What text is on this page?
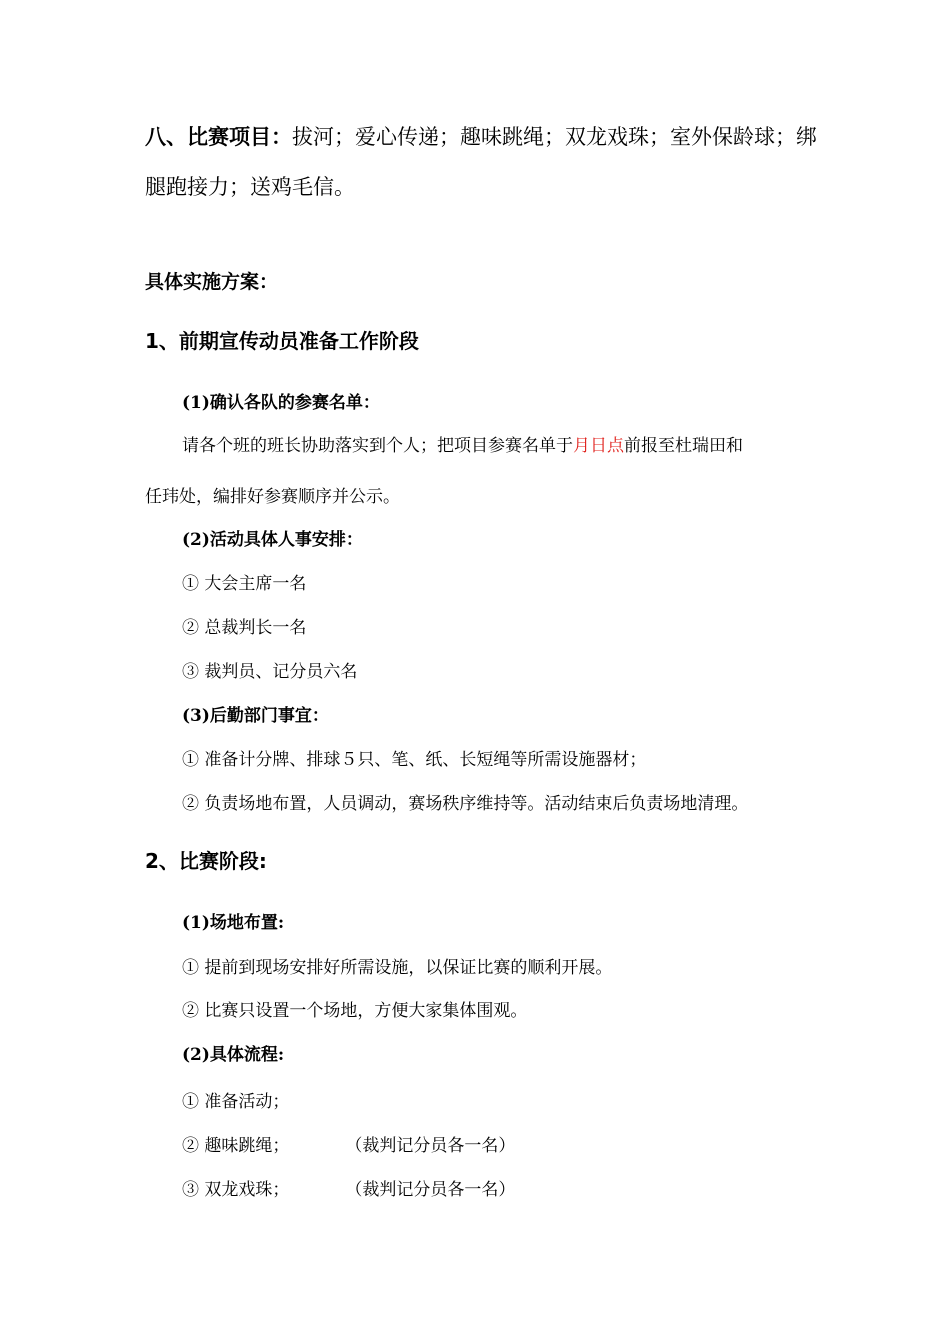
八、比赛项目：拔河；爱心传递；趣味跳绳；双龙戏珠；室外保龄球；绑
腿跑接力；送鸡毛信。
具体实施方案：
1、前期宣传动员准备工作阶段
(1)确认各队的参赛名单：
请各个班的班长协助落实到个人；把项目参赛名单于月日点前报至杜瑞田和
任玮处，编排好参赛顺序并公示。
(2)活动具体人事安排：
① 大会主席一名
② 总裁判长一名
③ 裁判员、记分员六名
(3)后勤部门事宜：
① 准备计分牌、排球５只、笔、纸、长短绳等所需设施器材；
② 负责场地布置，人员调动，赛场秩序维持等。活动结束后负责场地清理。
2、比赛阶段:
(1)场地布置:
① 提前到现场安排好所需设施，以保证比赛的顺利开展。
② 比赛只设置一个场地，方便大家集体围观。
(2)具体流程:
① 准备活动；
② 趣味跳绳；	（裁判记分员各一名）
③ 双龙戏珠；	（裁判记分员各一名）
